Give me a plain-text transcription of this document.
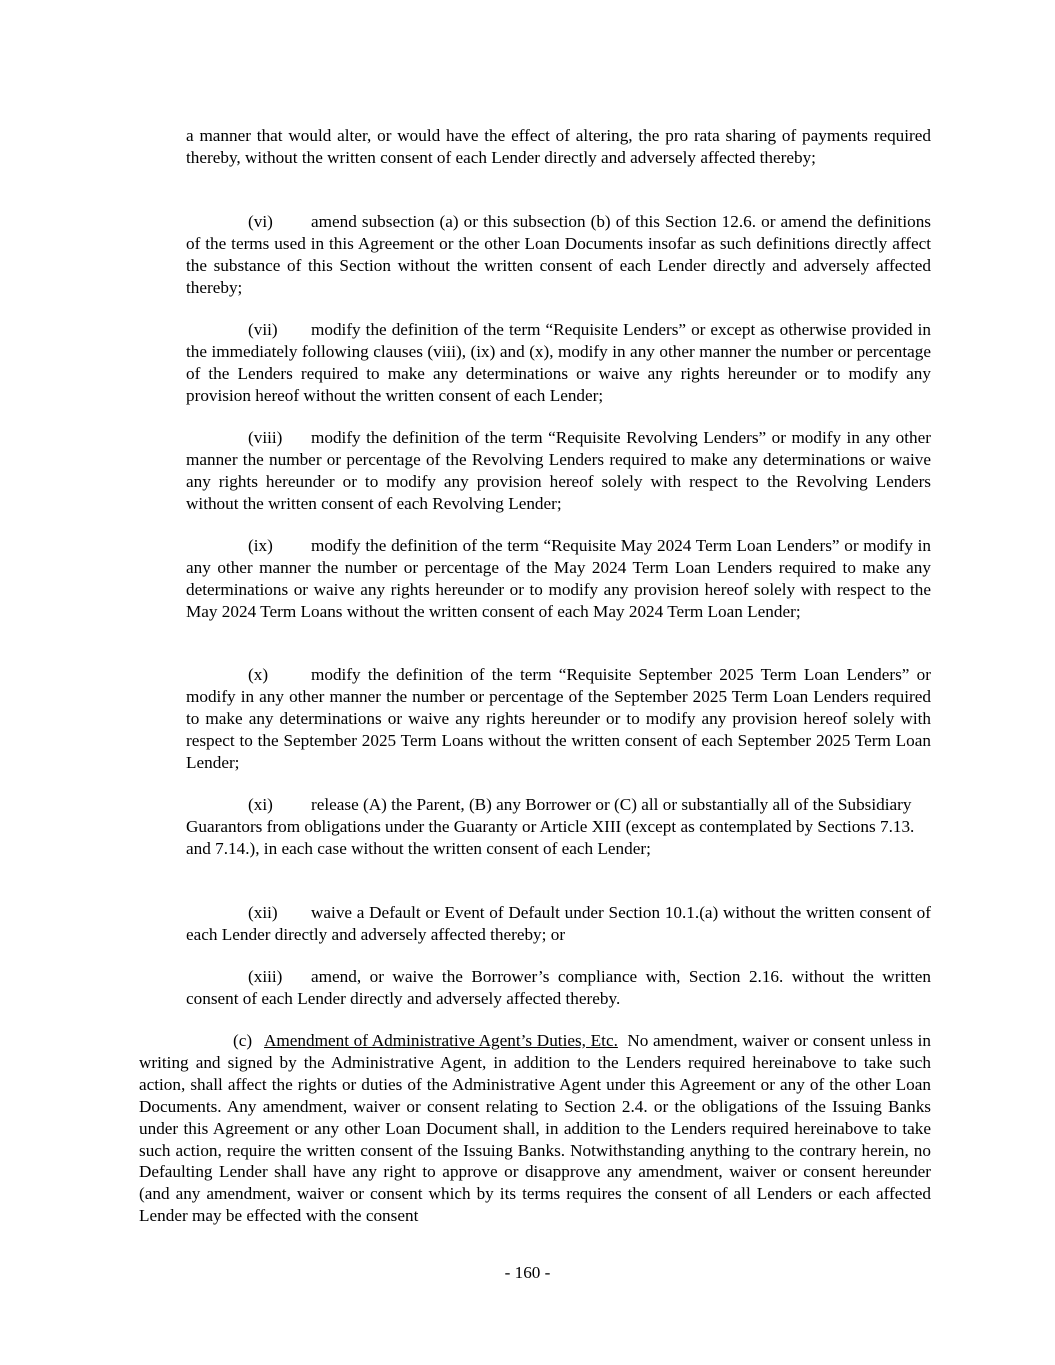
a manner that would alter, or would have the effect of altering, the pro rata sharing of payments required thereby, without the written consent of each Lender directly and adversely affected thereby;

(vi) amend subsection (a) or this subsection (b) of this Section 12.6. or amend the definitions of the terms used in this Agreement or the other Loan Documents insofar as such definitions directly affect the substance of this Section without the written consent of each Lender directly and adversely affected thereby;

(vii) modify the definition of the term “Requisite Lenders” or except as otherwise provided in the immediately following clauses (viii), (ix) and (x), modify in any other manner the number or percentage of the Lenders required to make any determinations or waive any rights hereunder or to modify any provision hereof without the written consent of each Lender;

(viii) modify the definition of the term “Requisite Revolving Lenders” or modify in any other manner the number or percentage of the Revolving Lenders required to make any determinations or waive any rights hereunder or to modify any provision hereof solely with respect to the Revolving Lenders without the written consent of each Revolving Lender;

(ix) modify the definition of the term “Requisite May 2024 Term Loan Lenders” or modify in any other manner the number or percentage of the May 2024 Term Loan Lenders required to make any determinations or waive any rights hereunder or to modify any provision hereof solely with respect to the May 2024 Term Loans without the written consent of each May 2024 Term Loan Lender;

(x) modify the definition of the term “Requisite September 2025 Term Loan Lenders” or modify in any other manner the number or percentage of the September 2025 Term Loan Lenders required to make any determinations or waive any rights hereunder or to modify any provision hereof solely with respect to the September 2025 Term Loans without the written consent of each September 2025 Term Loan Lender;

(xi) release (A) the Parent, (B) any Borrower or (C) all or substantially all of the Subsidiary Guarantors from obligations under the Guaranty or Article XIII (except as contemplated by Sections 7.13. and 7.14.), in each case without the written consent of each Lender;

(xii) waive a Default or Event of Default under Section 10.1.(a) without the written consent of each Lender directly and adversely affected thereby; or

(xiii) amend, or waive the Borrower’s compliance with, Section 2.16. without the written consent of each Lender directly and adversely affected thereby.

(c) Amendment of Administrative Agent’s Duties, Etc. No amendment, waiver or consent unless in writing and signed by the Administrative Agent, in addition to the Lenders required hereinabove to take such action, shall affect the rights or duties of the Administrative Agent under this Agreement or any of the other Loan Documents. Any amendment, waiver or consent relating to Section 2.4. or the obligations of the Issuing Banks under this Agreement or any other Loan Document shall, in addition to the Lenders required hereinabove to take such action, require the written consent of the Issuing Banks. Notwithstanding anything to the contrary herein, no Defaulting Lender shall have any right to approve or disapprove any amendment, waiver or consent hereunder (and any amendment, waiver or consent which by its terms requires the consent of all Lenders or each affected Lender may be effected with the consent

- 160 -
